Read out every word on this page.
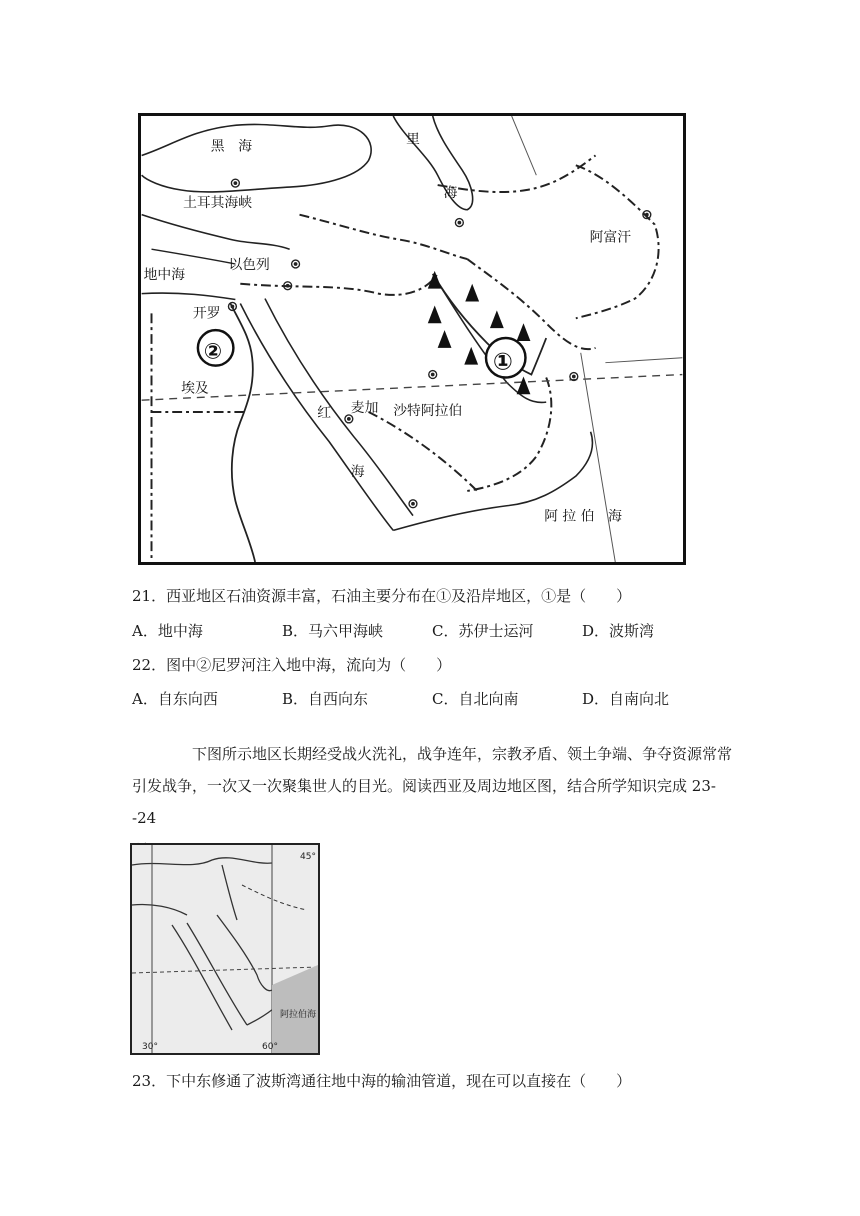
黑　海	里
海
土耳其海峡
阿富汗
以色列
地中海
开罗
②	①
埃及
红 麦加 沙特阿拉伯
海
阿 拉 伯　海
21．西亚地区石油资源丰富，石油主要分布在①及沿岸地区，①是（　　）
A．地中海	B．马六甲海峡	C．苏伊士运河	D．波斯湾
22．图中②尼罗河注入地中海，流向为（　　）
A．自东向西	B．自西向东	C．自北向南	D．自南向北
下图所示地区长期经受战火洗礼，战争连年，宗教矛盾、领土争端、争夺资源常常
引发战争，一次又一次聚集世人的目光。阅读西亚及周边地区图，结合所学知识完成 23--24
45°
30°	60°
阿拉伯海
23．下中东修通了波斯湾通往地中海的输油管道，现在可以直接在（　　）
